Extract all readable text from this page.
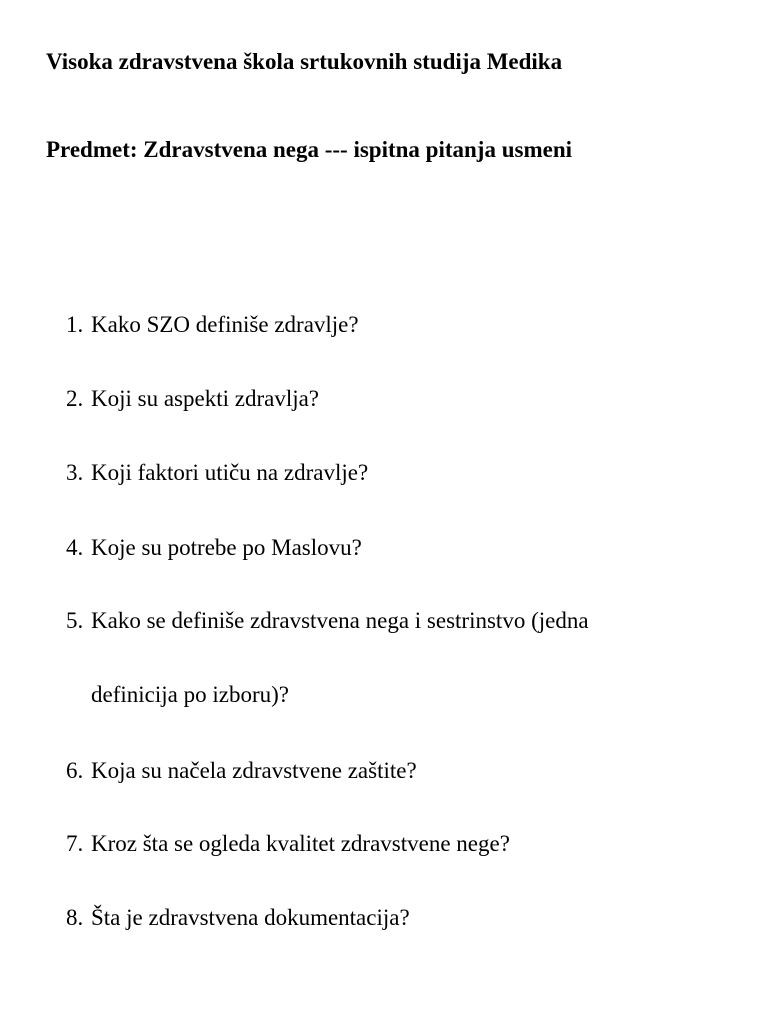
Visoka zdravstvena škola srtukovnih studija Medika
Predmet: Zdravstvena nega --- ispitna pitanja usmeni
1. Kako SZO definiše zdravlje?
2. Koji su aspekti zdravlja?
3. Koji faktori utiču na zdravlje?
4. Koje su potrebe po Maslovu?
5. Kako se definiše zdravstvena nega i sestrinstvo (jedna
definicija po izboru)?
6. Koja su načela zdravstvene zaštite?
7. Kroz šta se ogleda kvalitet zdravstvene nege?
8. Šta je zdravstvena dokumentacija?
